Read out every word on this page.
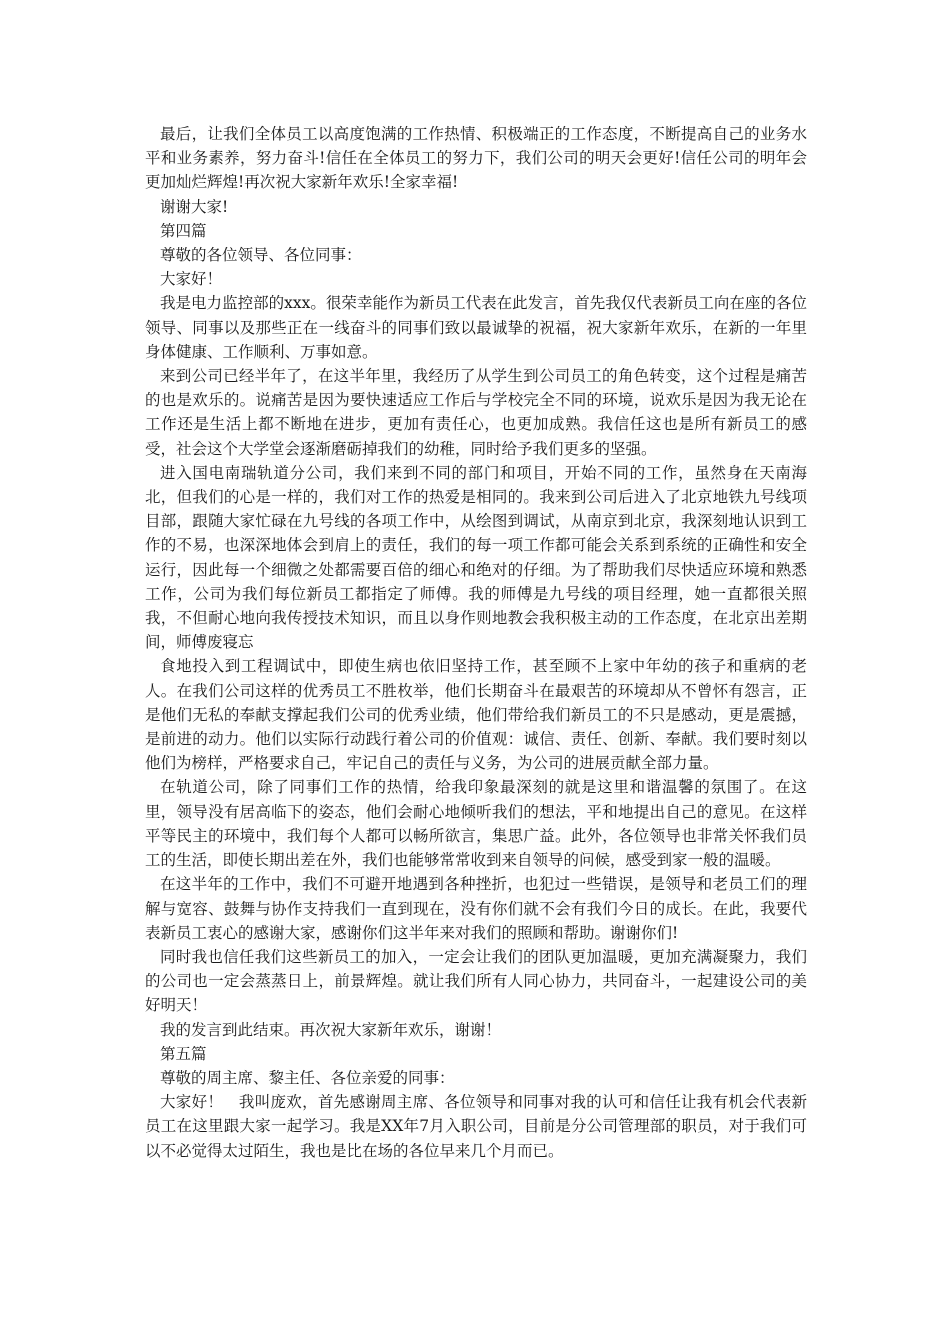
最后，让我们全体员工以高度饱满的工作热情、积极端正的工作态度，不断提高自己的业务水平和业务素养，努力奋斗!信任在全体员工的努力下，我们公司的明天会更好!信任公司的明年会更加灿烂辉煌!再次祝大家新年欢乐!全家幸福!

谢谢大家!

第四篇

尊敬的各位领导、各位同事：

大家好！

我是电力监控部的xxx。很荣幸能作为新员工代表在此发言，首先我仅代表新员工向在座的各位领导、同事以及那些正在一线奋斗的同事们致以最诚挚的祝福，祝大家新年欢乐，在新的一年里身体健康、工作顺利、万事如意。

来到公司已经半年了，在这半年里，我经历了从学生到公司员工的角色转变，这个过程是痛苦的也是欢乐的。说痛苦是因为要快速适应工作后与学校完全不同的环境，说欢乐是因为我无论在工作还是生活上都不断地在进步，更加有责任心，也更加成熟。我信任这也是所有新员工的感受，社会这个大学堂会逐渐磨砺掉我们的幼稚，同时给予我们更多的坚强。

进入国电南瑞轨道分公司，我们来到不同的部门和项目，开始不同的工作，虽然身在天南海北，但我们的心是一样的，我们对工作的热爱是相同的。我来到公司后进入了北京地铁九号线项目部，跟随大家忙碌在九号线的各项工作中，从绘图到调试，从南京到北京，我深刻地认识到工作的不易，也深深地体会到肩上的责任，我们的每一项工作都可能会关系到系统的正确性和安全运行，因此每一个细微之处都需要百倍的细心和绝对的仔细。为了帮助我们尽快适应环境和熟悉工作，公司为我们每位新员工都指定了师傅。我的师傅是九号线的项目经理，她一直都很关照我，不但耐心地向我传授技术知识，而且以身作则地教会我积极主动的工作态度，在北京出差期间，师傅废寝忘

食地投入到工程调试中，即使生病也依旧坚持工作，甚至顾不上家中年幼的孩子和重病的老人。在我们公司这样的优秀员工不胜枚举，他们长期奋斗在最艰苦的环境却从不曾怀有怨言，正是他们无私的奉献支撑起我们公司的优秀业绩，他们带给我们新员工的不只是感动，更是震撼，是前进的动力。他们以实际行动践行着公司的价值观：诚信、责任、创新、奉献。我们要时刻以他们为榜样，严格要求自己，牢记自己的责任与义务，为公司的进展贡献全部力量。

在轨道公司，除了同事们工作的热情，给我印象最深刻的就是这里和谐温馨的氛围了。在这里，领导没有居高临下的姿态，他们会耐心地倾听我们的想法，平和地提出自己的意见。在这样平等民主的环境中，我们每个人都可以畅所欲言，集思广益。此外，各位领导也非常关怀我们员工的生活，即使长期出差在外，我们也能够常常收到来自领导的问候，感受到家一般的温暖。

在这半年的工作中，我们不可避开地遇到各种挫折，也犯过一些错误，是领导和老员工们的理解与宽容、鼓舞与协作支持我们一直到现在，没有你们就不会有我们今日的成长。在此，我要代表新员工衷心的感谢大家，感谢你们这半年来对我们的照顾和帮助。谢谢你们!

同时我也信任我们这些新员工的加入，一定会让我们的团队更加温暖，更加充满凝聚力，我们的公司也一定会蒸蒸日上，前景辉煌。就让我们所有人同心协力，共同奋斗，一起建设公司的美好明天！

我的发言到此结束。再次祝大家新年欢乐，谢谢！

第五篇

尊敬的周主席、黎主任、各位亲爱的同事：

大家好！　我叫庞欢，首先感谢周主席、各位领导和同事对我的认可和信任让我有机会代表新员工在这里跟大家一起学习。我是XX年7月入职公司，目前是分公司管理部的职员，对于我们可以不必觉得太过陌生，我也是比在场的各位早来几个月而已。
